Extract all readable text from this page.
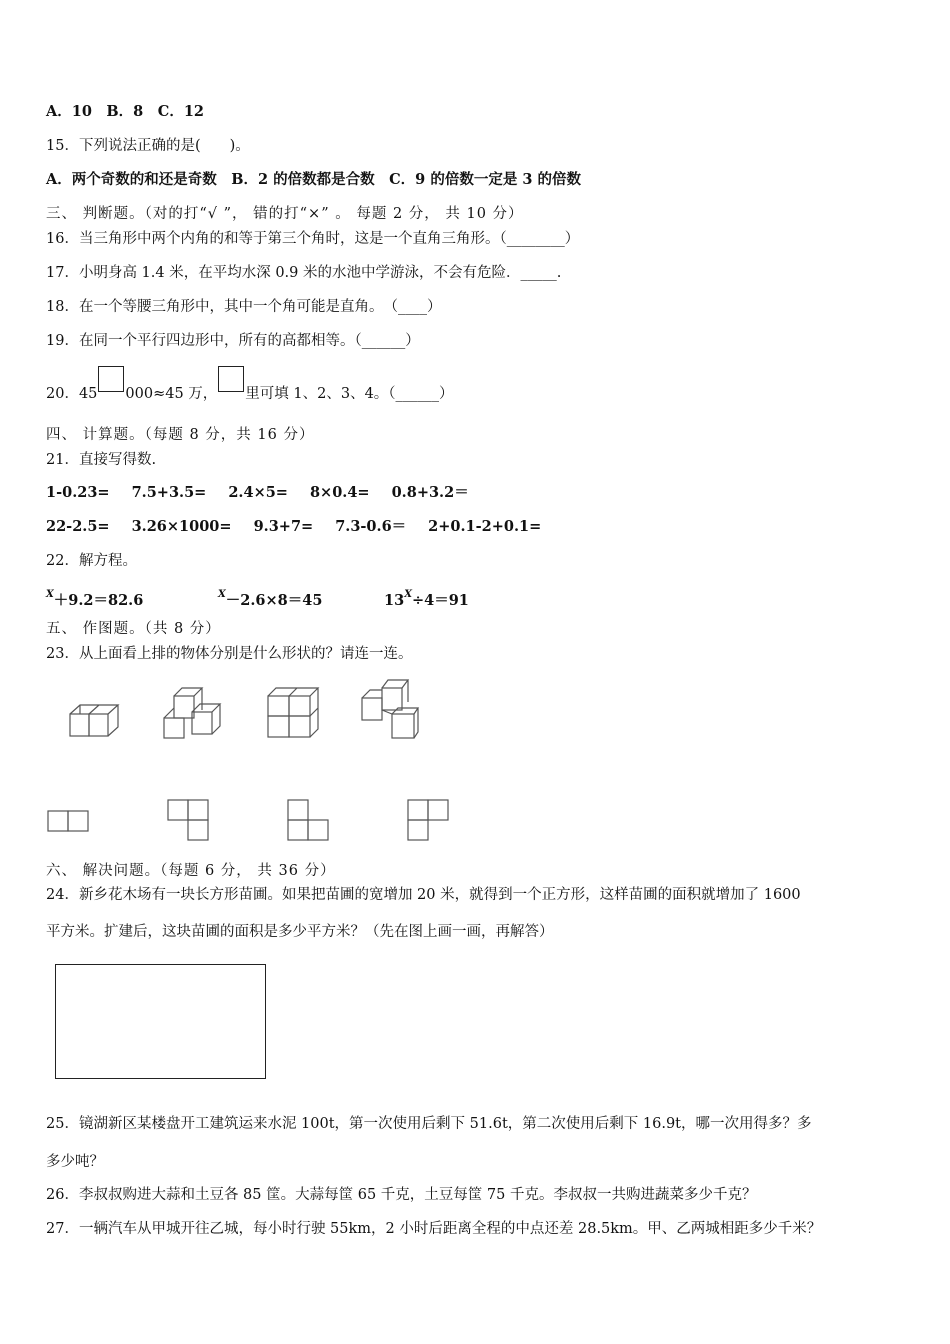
A．10　B．8　C．12
15．下列说法正确的是(　　)。
A．两个奇数的和还是奇数　B．2 的倍数都是合数　C．9 的倍数一定是 3 的倍数
三、 判断题。（对的打“√ ”， 错的打“×” 。 每题 2 分， 共 10 分）
16．当三角形中两个内角的和等于第三个角时，这是一个直角三角形。（________）
17．小明身高 1.4 米，在平均水深 0.9 米的水池中学游泳，不会有危险．_____.
18．在一个等腰三角形中，其中一个角可能是直角。　（____）
19．在同一个平行四边形中，所有的高都相等。（______）
20．45 000≈45 万， 里可填 1、2、3、4。（______）
四、 计算题。（每题 8 分，共 16 分）
21．直接写得数.
1-0.23= 7.5+3.5= 2.4×5= 8×0.4= 0.8+3.2＝
22-2.5= 3.26×1000= 9.3+7= 7.3-0.6＝ 2+0.1-2+0.1=
22．解方程。
$^X$＋9.2＝82.6	$^X$－2.6×8＝45	$13^X\div 4=91$
五、 作图题。（共 8 分）
23．从上面看上排的物体分别是什么形状的？请连一连。
六、 解决问题。（每题 6 分， 共 36 分）
24．新乡花木场有一块长方形苗圃。如果把苗圃的宽增加 20 米，就得到一个正方形，这样苗圃的面积就增加了 1600
平方米。扩建后，这块苗圃的面积是多少平方米？（先在图上画一画，再解答）
25．镜湖新区某楼盘开工建筑运来水泥 100t，第一次使用后剩下 51.6t，第二次使用后剩下 16.9t，哪一次用得多？多
多少吨？
26．李叔叔购进大蒜和土豆各 85 筐。大蒜每筐 65 千克，土豆每筐 75 千克。李叔叔一共购进蔬菜多少千克？
27．一辆汽车从甲城开往乙城，每小时行驶 55km，2 小时后距离全程的中点还差 28.5km。甲、乙两城相距多少千米？
